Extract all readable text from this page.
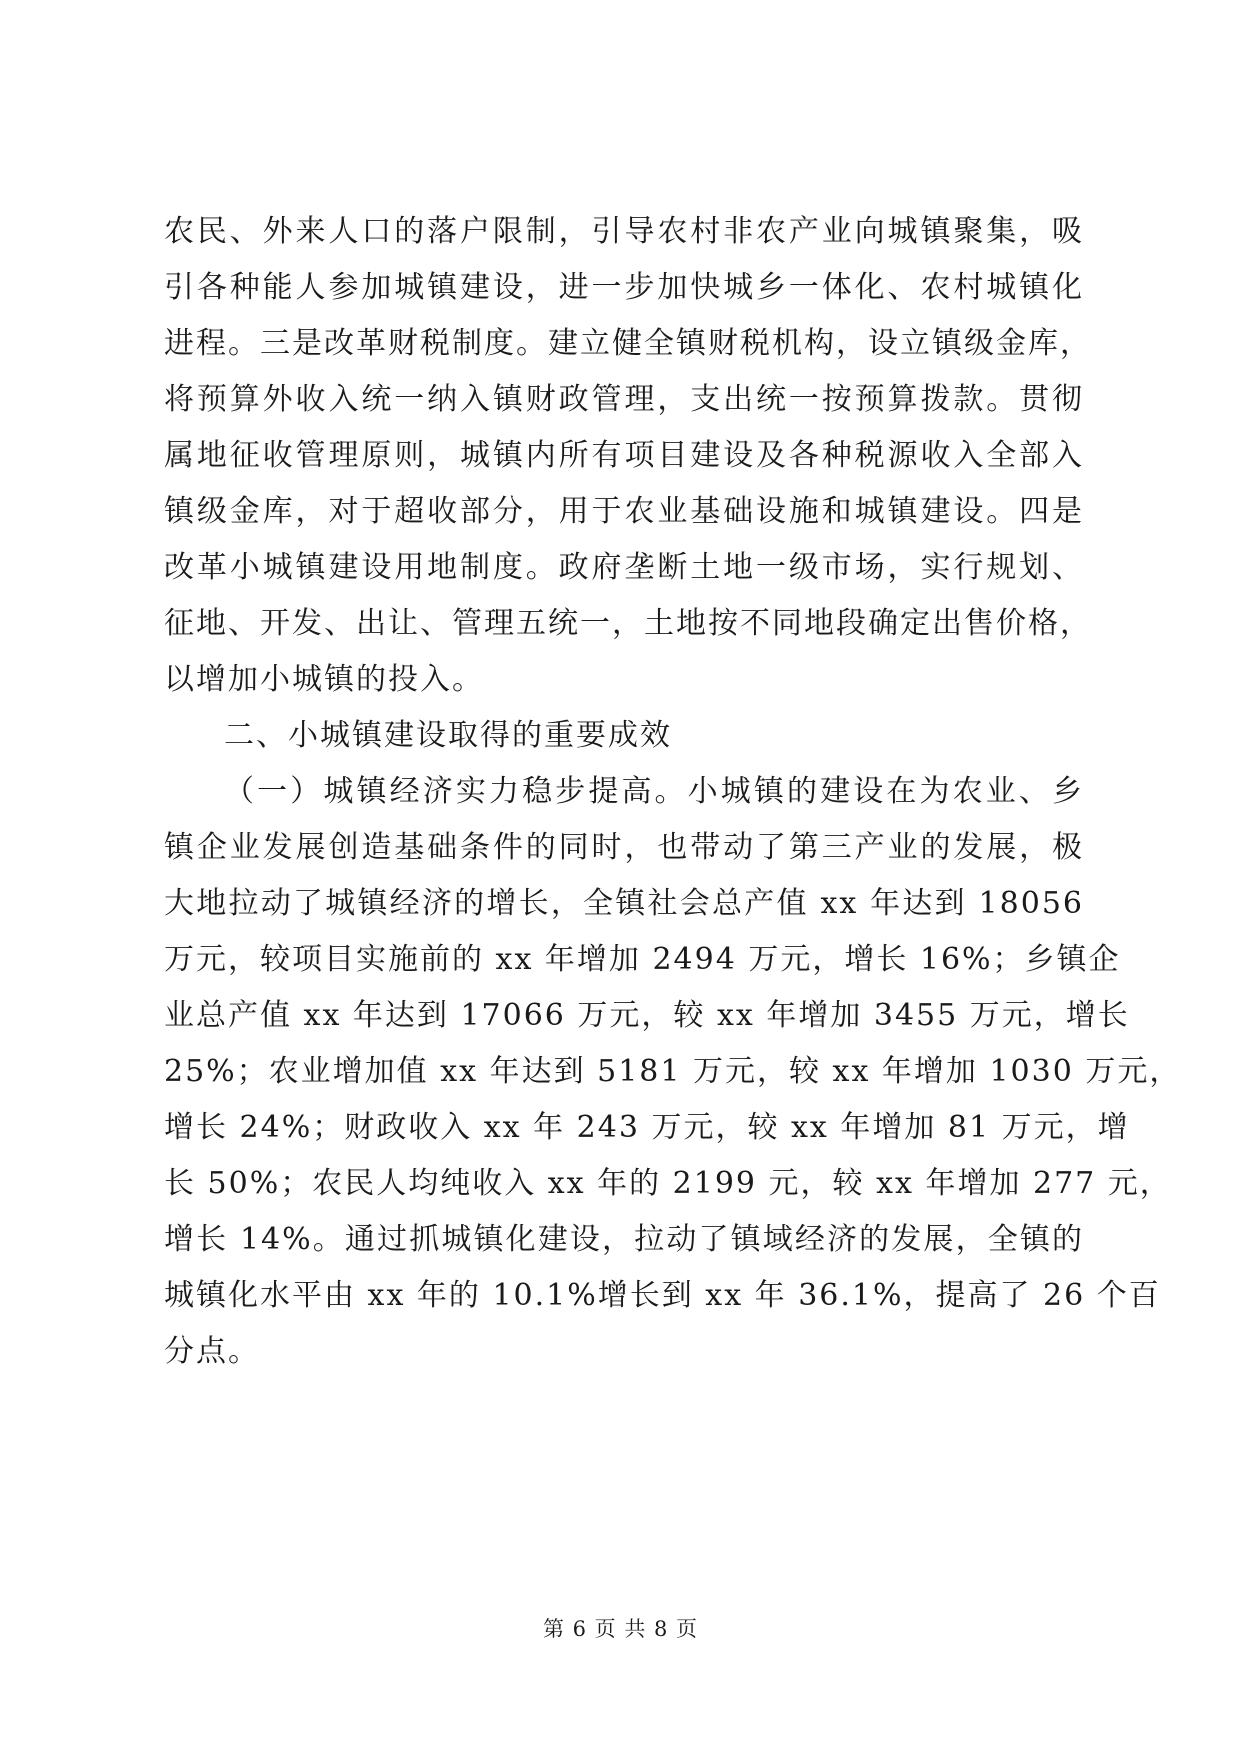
农民、外来人口的落户限制，引导农村非农产业向城镇聚集，吸
引各种能人参加城镇建设，进一步加快城乡一体化、农村城镇化
进程。三是改革财税制度。建立健全镇财税机构，设立镇级金库，
将预算外收入统一纳入镇财政管理，支出统一按预算拨款。贯彻
属地征收管理原则，城镇内所有项目建设及各种税源收入全部入
镇级金库，对于超收部分，用于农业基础设施和城镇建设。四是
改革小城镇建设用地制度。政府垄断土地一级市场，实行规划、
征地、开发、出让、管理五统一，土地按不同地段确定出售价格，
以增加小城镇的投入。
二、小城镇建设取得的重要成效
（一）城镇经济实力稳步提高。小城镇的建设在为农业、乡
镇企业发展创造基础条件的同时，也带动了第三产业的发展，极
大地拉动了城镇经济的增长，全镇社会总产值 xx 年达到 18056
万元，较项目实施前的 xx 年增加 2494 万元，增长 16%；乡镇企
业总产值 xx 年达到 17066 万元，较 xx 年增加 3455 万元，增长
25%；农业增加值 xx 年达到 5181 万元，较 xx 年增加 1030 万元，
增长 24%；财政收入 xx 年 243 万元，较 xx 年增加 81 万元，增
长 50%；农民人均纯收入 xx 年的 2199 元，较 xx 年增加 277 元，
增长 14%。通过抓城镇化建设，拉动了镇域经济的发展，全镇的
城镇化水平由 xx 年的 10.1%增长到 xx 年 36.1%，提高了 26 个百
分点。
第 6 页 共 8 页
